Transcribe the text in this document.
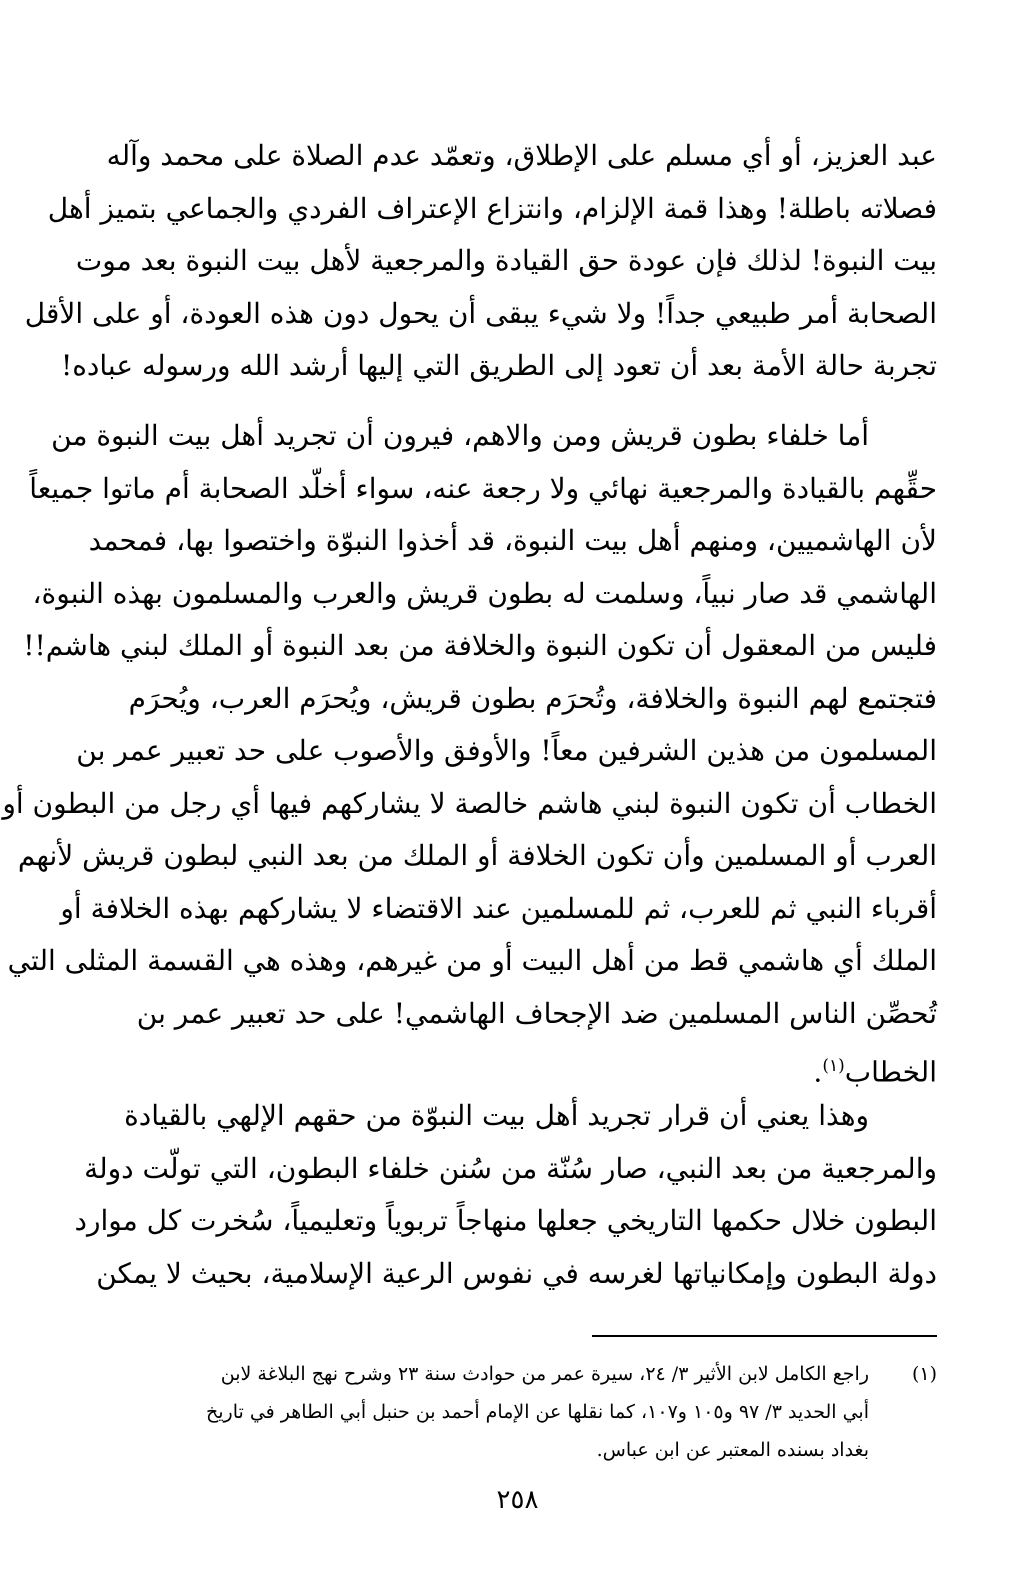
عبد العزيز، أو أي مسلم على الإطلاق، وتعمّد عدم الصلاة على محمد وآله
فصلاته باطلة! وهذا قمة الإلزام، وانتزاع الإعتراف الفردي والجماعي بتميز أهل
بيت النبوة! لذلك فإن عودة حق القيادة والمرجعية لأهل بيت النبوة بعد موت
الصحابة أمر طبيعي جداً! ولا شيء يبقى أن يحول دون هذه العودة، أو على الأقل
تجربة حالة الأمة بعد أن تعود إلى الطريق التي إليها أرشد الله ورسوله عباده!
أما خلفاء بطون قريش ومن والاهم، فيرون أن تجريد أهل بيت النبوة من
حقِّهم بالقيادة والمرجعية نهائي ولا رجعة عنه، سواء أخلّد الصحابة أم ماتوا جميعاً
لأن الهاشميين، ومنهم أهل بيت النبوة، قد أخذوا النبوّة واختصوا بها، فمحمد
الهاشمي قد صار نبياً، وسلمت له بطون قريش والعرب والمسلمون بهذه النبوة،
فليس من المعقول أن تكون النبوة والخلافة من بعد النبوة أو الملك لبني هاشم!!
فتجتمع لهم النبوة والخلافة، وتُحرَم بطون قريش، ويُحرَم العرب، ويُحرَم
المسلمون من هذين الشرفين معاً! والأوفق والأصوب على حد تعبير عمر بن
الخطاب أن تكون النبوة لبني هاشم خالصة لا يشاركهم فيها أي رجل من البطون أو
العرب أو المسلمين وأن تكون الخلافة أو الملك من بعد النبي لبطون قريش لأنهم
أقرباء النبي ثم للعرب، ثم للمسلمين عند الاقتضاء لا يشاركهم بهذه الخلافة أو
الملك أي هاشمي قط من أهل البيت أو من غيرهم، وهذه هي القسمة المثلى التي
تُحصِّن الناس المسلمين ضد الإجحاف الهاشمي! على حد تعبير عمر بن
الخطاب$^{(١)}$.
وهذا يعني أن قرار تجريد أهل بيت النبوّة من حقهم الإلهي بالقيادة
والمرجعية من بعد النبي، صار سُنّة من سُنن خلفاء البطون، التي تولّت دولة
البطون خلال حكمها التاريخي جعلها منهاجاً تربوياً وتعليمياً، سُخرت كل موارد
دولة البطون وإمكانياتها لغرسه في نفوس الرعية الإسلامية، بحيث لا يمكن
(١)
راجع الكامل لابن الأثير ٣/ ٢٤، سيرة عمر من حوادث سنة ٢٣ وشرح نهج البلاغة لابن
أبي الحديد ٣/ ٩٧ و١٠٥ و١٠٧، كما نقلها عن الإمام أحمد بن حنبل أبي الطاهر في تاريخ
بغداد بسنده المعتبر عن ابن عباس.
٢٥٨
